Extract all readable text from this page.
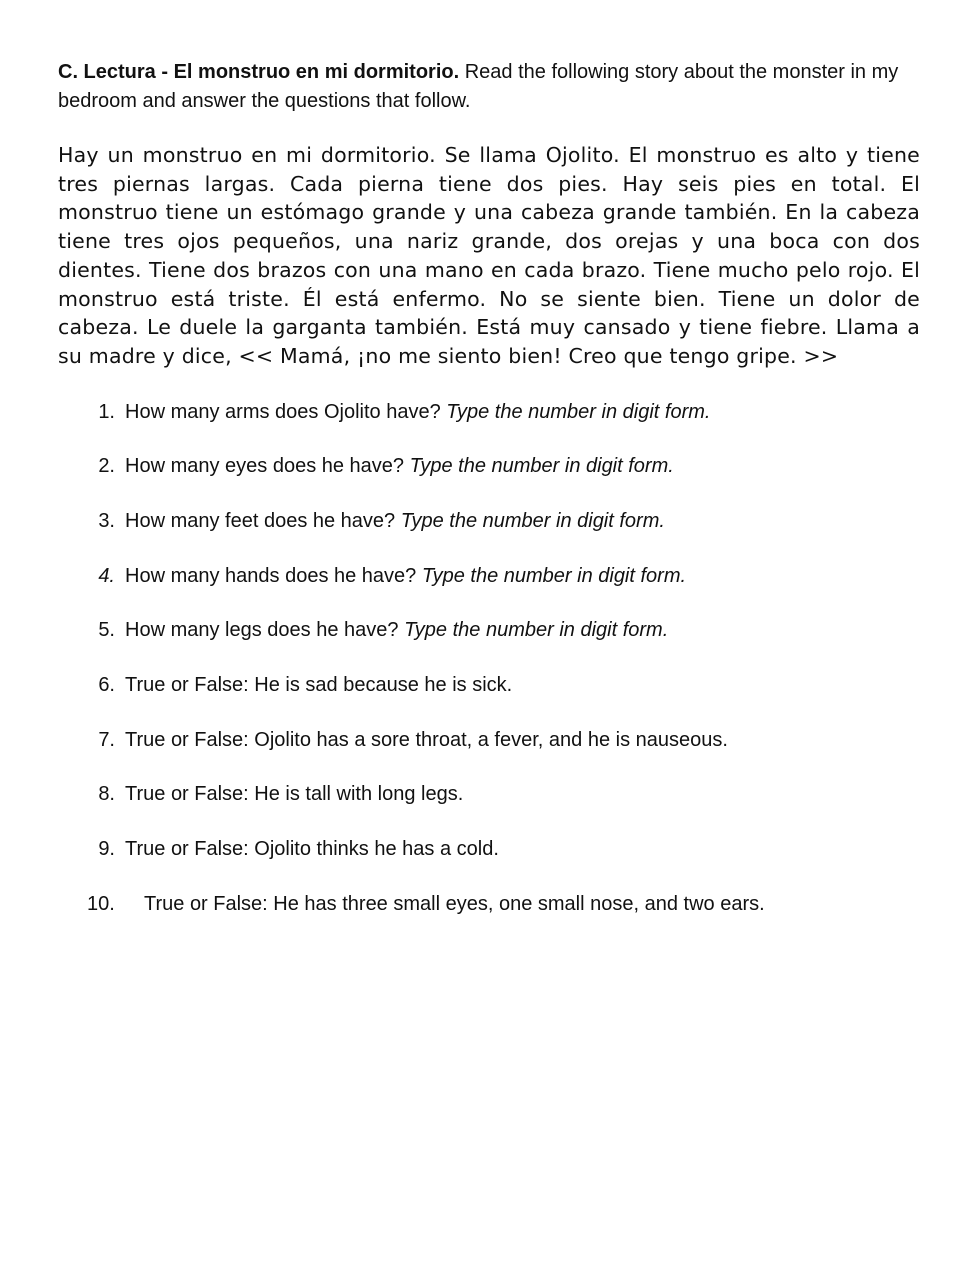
C. Lectura - El monstruo en mi dormitorio. Read the following story about the monster in my bedroom and answer the questions that follow.

Hay un monstruo en mi dormitorio. Se llama Ojolito. El monstruo es alto y tiene tres piernas largas. Cada pierna tiene dos pies. Hay seis pies en total. El monstruo tiene un estómago grande y una cabeza grande también. En la cabeza tiene tres ojos pequeños, una nariz grande, dos orejas y una boca con dos dientes. Tiene dos brazos con una mano en cada brazo. Tiene mucho pelo rojo. El monstruo está triste. Él está enfermo. No se siente bien. Tiene un dolor de cabeza. Le duele la garganta también. Está muy cansado y tiene fiebre. Llama a su madre y dice, << Mamá, ¡no me siento bien! Creo que tengo gripe. >>

1. How many arms does Ojolito have? Type the number in digit form.
2. How many eyes does he have? Type the number in digit form.
3. How many feet does he have? Type the number in digit form.
4. How many hands does he have? Type the number in digit form.
5. How many legs does he have? Type the number in digit form.
6. True or False: He is sad because he is sick.
7. True or False: Ojolito has a sore throat, a fever, and he is nauseous.
8. True or False: He is tall with long legs.
9. True or False: Ojolito thinks he has a cold.
10. True or False: He has three small eyes, one small nose, and two ears.
